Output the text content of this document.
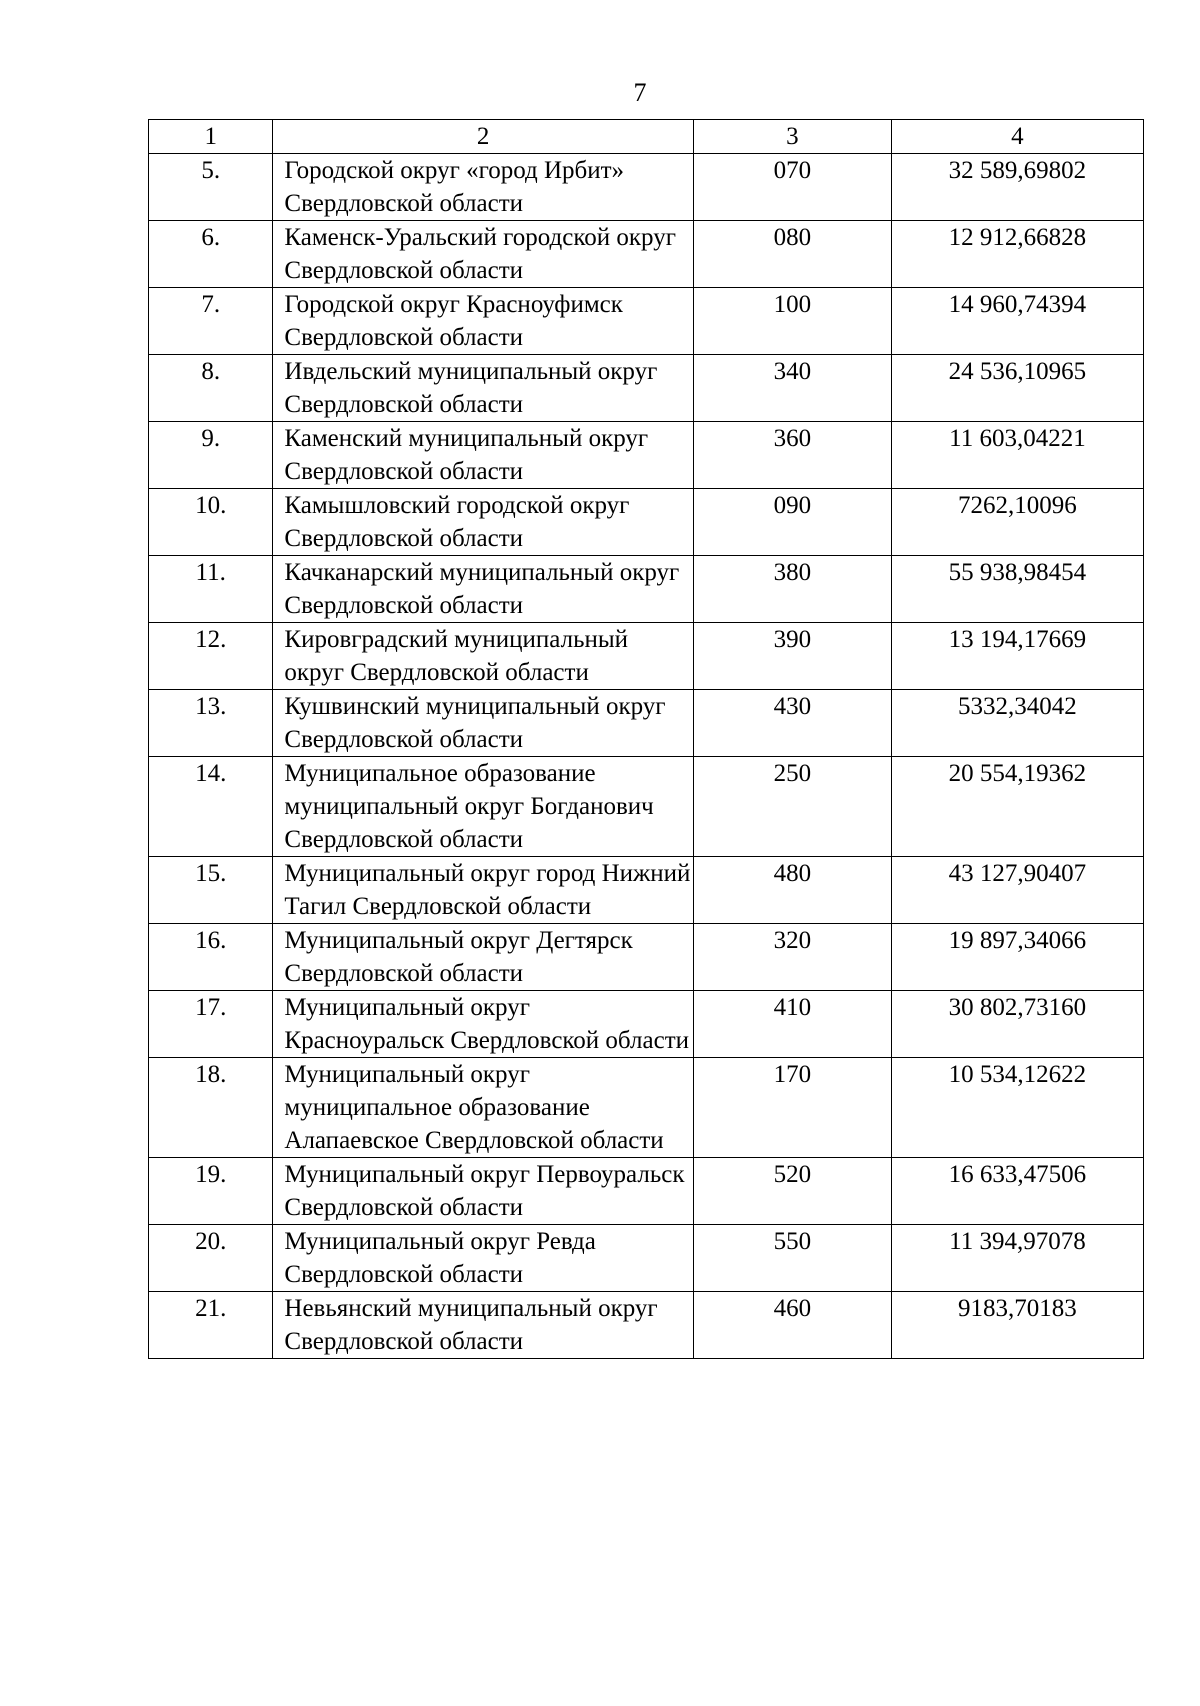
7
1	2	3	4
5.	Городской округ «город Ирбит» Свердловской области	070	32 589,69802
6.	Каменск-Уральский городской округ Свердловской области	080	12 912,66828
7.	Городской округ Красноуфимск Свердловской области	100	14 960,74394
8.	Ивдельский муниципальный округ Свердловской области	340	24 536,10965
9.	Каменский муниципальный округ Свердловской области	360	11 603,04221
10.	Камышловский городской округ Свердловской области	090	7262,10096
11.	Качканарский муниципальный округ Свердловской области	380	55 938,98454
12.	Кировградский муниципальный округ Свердловской области	390	13 194,17669
13.	Кушвинский муниципальный округ Свердловской области	430	5332,34042
14.	Муниципальное образование муниципальный округ Богданович Свердловской области	250	20 554,19362
15.	Муниципальный округ город Нижний Тагил Свердловской области	480	43 127,90407
16.	Муниципальный округ Дегтярск Свердловской области	320	19 897,34066
17.	Муниципальный округ Красноуральск Свердловской области	410	30 802,73160
18.	Муниципальный округ муниципальное образование Алапаевское Свердловской области	170	10 534,12622
19.	Муниципальный округ Первоуральск Свердловской области	520	16 633,47506
20.	Муниципальный округ Ревда Свердловской области	550	11 394,97078
21.	Невьянский муниципальный округ Свердловской области	460	9183,70183
